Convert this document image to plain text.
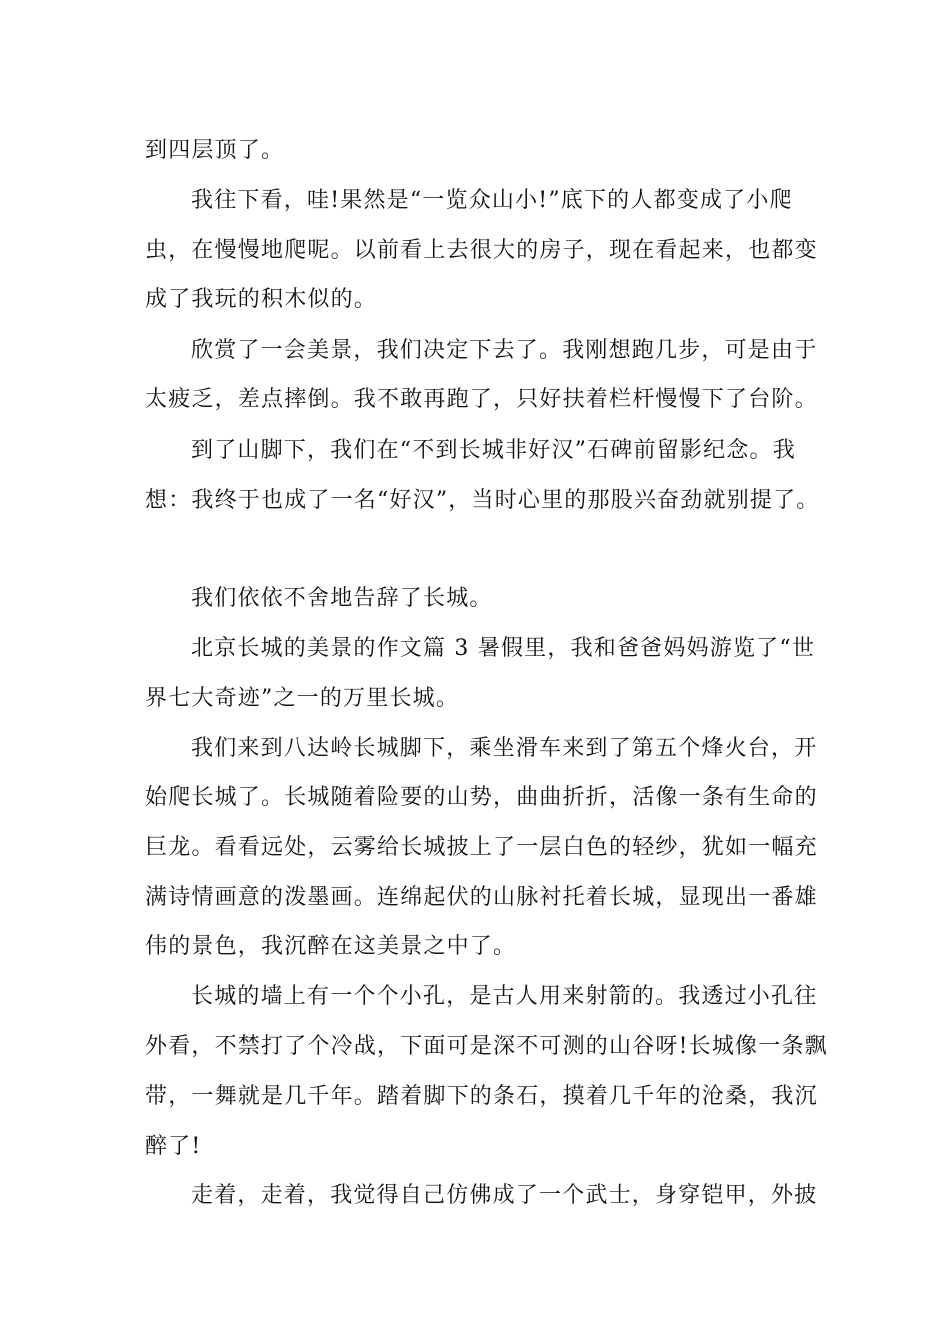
到四层顶了。
我往下看，哇!果然是“一览众山小!”底下的人都变成了小爬
虫，在慢慢地爬呢。以前看上去很大的房子，现在看起来，也都变
成了我玩的积木似的。
欣赏了一会美景，我们决定下去了。我刚想跑几步，可是由于
太疲乏，差点摔倒。我不敢再跑了，只好扶着栏杆慢慢下了台阶。
到了山脚下，我们在“不到长城非好汉”石碑前留影纪念。我
想：我终于也成了一名“好汉”，当时心里的那股兴奋劲就别提了。
我们依依不舍地告辞了长城。
北京长城的美景的作文篇 3 暑假里，我和爸爸妈妈游览了“世
界七大奇迹”之一的万里长城。
我们来到八达岭长城脚下，乘坐滑车来到了第五个烽火台，开
始爬长城了。长城随着险要的山势，曲曲折折，活像一条有生命的
巨龙。看看远处，云雾给长城披上了一层白色的轻纱，犹如一幅充
满诗情画意的泼墨画。连绵起伏的山脉衬托着长城，显现出一番雄
伟的景色，我沉醉在这美景之中了。
长城的墙上有一个个小孔，是古人用来射箭的。我透过小孔往
外看，不禁打了个冷战，下面可是深不可测的山谷呀!长城像一条飘
带，一舞就是几千年。踏着脚下的条石，摸着几千年的沧桑，我沉
醉了!
走着，走着，我觉得自己仿佛成了一个武士，身穿铠甲，外披
